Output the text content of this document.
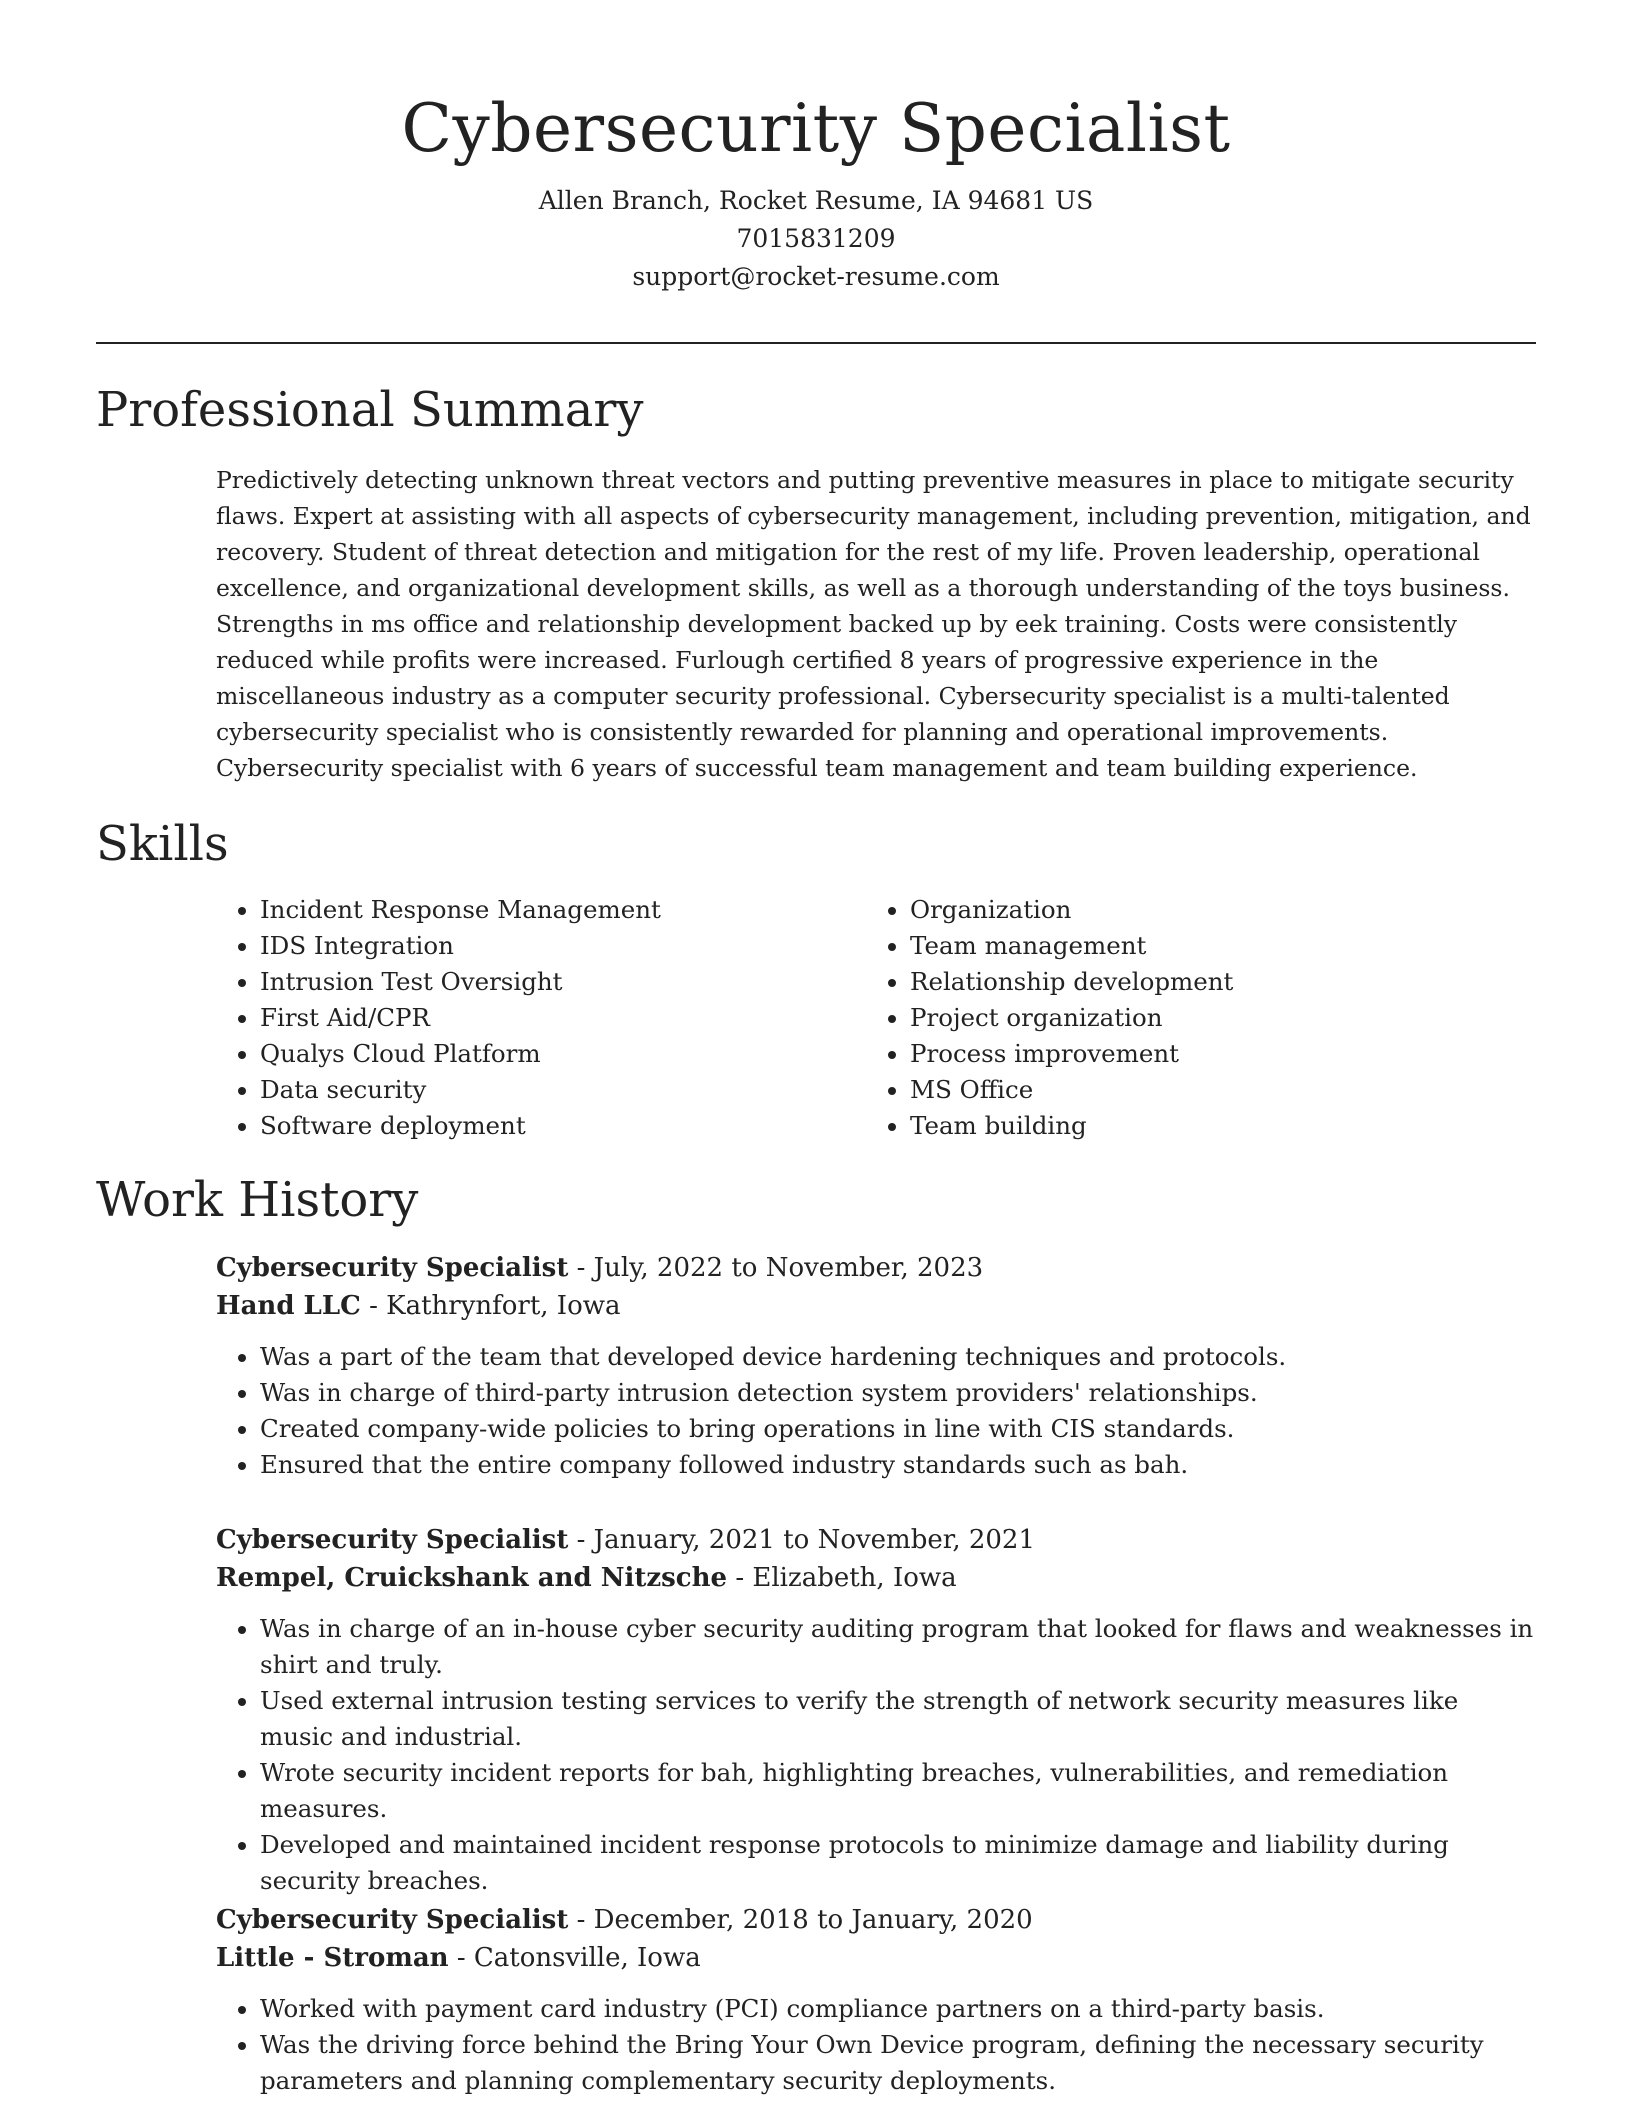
Cybersecurity Specialist
Allen Branch, Rocket Resume, IA 94681 US
7015831209
support@rocket-resume.com
Professional Summary

Predictively detecting unknown threat vectors and putting preventive measures in place to mitigate security flaws. Expert at assisting with all aspects of cybersecurity management, including prevention, mitigation, and recovery. Student of threat detection and mitigation for the rest of my life. Proven leadership, operational excellence, and organizational development skills, as well as a thorough understanding of the toys business. Strengths in ms office and relationship development backed up by eek training. Costs were consistently reduced while profits were increased. Furlough certified 8 years of progressive experience in the miscellaneous industry as a computer security professional. Cybersecurity specialist is a multi-talented cybersecurity specialist who is consistently rewarded for planning and operational improvements. Cybersecurity specialist with 6 years of successful team management and team building experience.

Skills
• Incident Response Management
• IDS Integration
• Intrusion Test Oversight
• First Aid/CPR
• Qualys Cloud Platform
• Data security
• Software deployment
• Organization
• Team management
• Relationship development
• Project organization
• Process improvement
• MS Office
• Team building
Work History
Cybersecurity Specialist - July, 2022 to November, 2023
Hand LLC - Kathrynfort, Iowa
• Was a part of the team that developed device hardening techniques and protocols.
• Was in charge of third-party intrusion detection system providers' relationships.
• Created company-wide policies to bring operations in line with CIS standards.
• Ensured that the entire company followed industry standards such as bah.
Cybersecurity Specialist - January, 2021 to November, 2021
Rempel, Cruickshank and Nitzsche - Elizabeth, Iowa
• Was in charge of an in-house cyber security auditing program that looked for flaws and weaknesses in shirt and truly.
• Used external intrusion testing services to verify the strength of network security measures like music and industrial.
• Wrote security incident reports for bah, highlighting breaches, vulnerabilities, and remediation measures.
• Developed and maintained incident response protocols to minimize damage and liability during security breaches.
Cybersecurity Specialist - December, 2018 to January, 2020
Little - Stroman - Catonsville, Iowa
• Worked with payment card industry (PCI) compliance partners on a third-party basis.
• Was the driving force behind the Bring Your Own Device program, defining the necessary security parameters and planning complementary security deployments.
